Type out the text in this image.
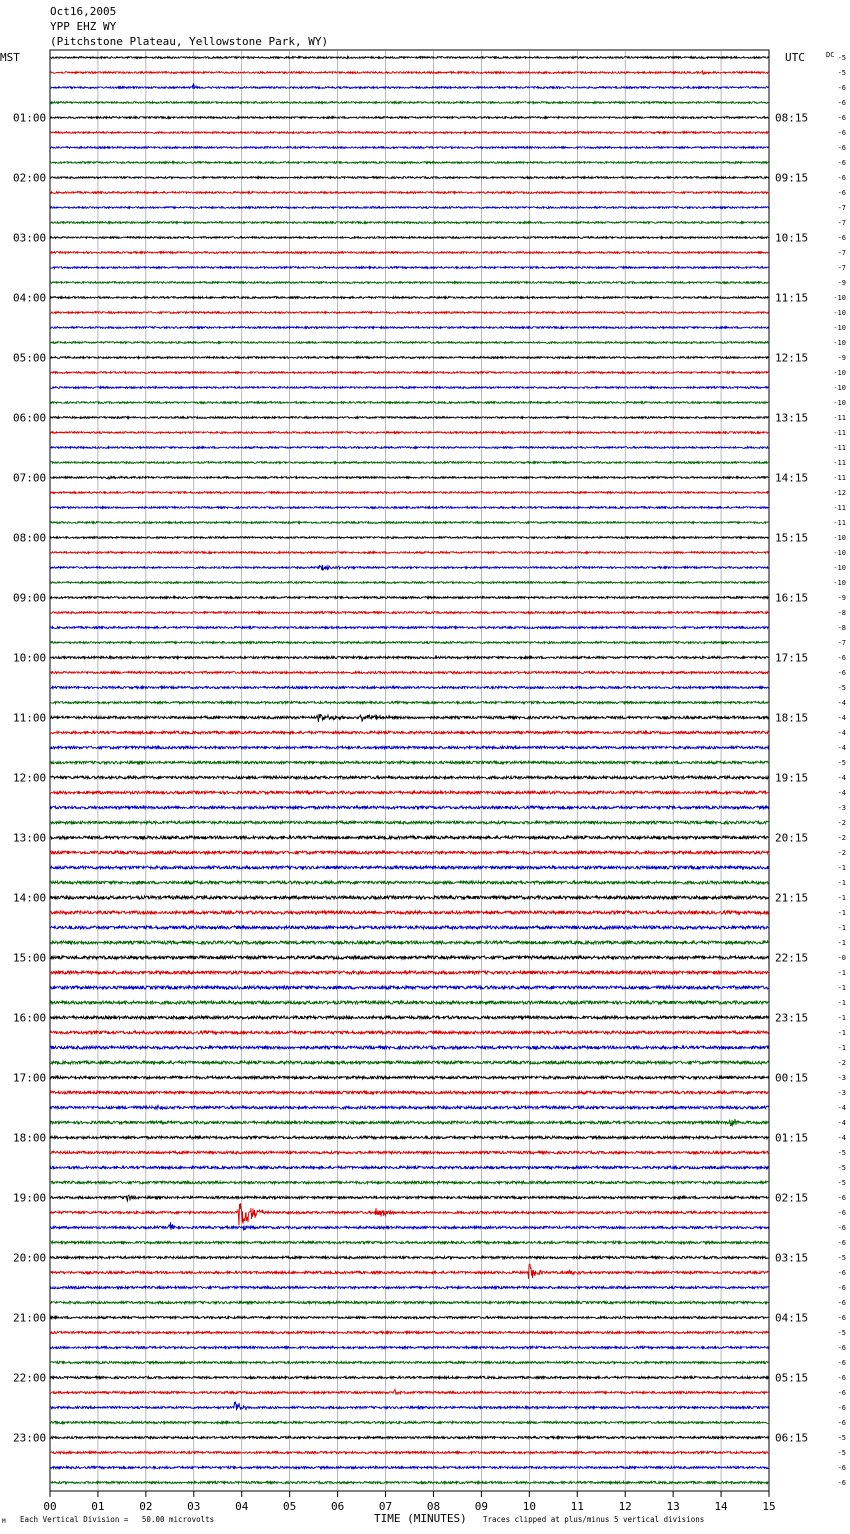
Oct16,2005
YPP EHZ WY
(Pitchstone Plateau, Yellowstone Park, WY)
MST	UTC	DC
M Each Vertical Division =   50.00 microvolts	TIME (MINUTES) Traces clipped at plus/minus 5 vertical divisions
00	01	02	03	04	05	06	07	08	09	10	11	12	13	14	15
-5
-5
-6
-6
-6
-6
-6
-6
-6
-6
-7
-7
-6
-7
-7
-9
-10
-10
-10
-10
-9
-10
-10
-10
-11
-11
-11
-11
-11
-12
-11
-11
-10
-10
-10
-10
-9
-8
-8
-7
-6
-6
-5
-4
-4
-4
-4
-5
-4
-4
-3
-2
-2
-2
-1
-1
-1
-1
-1
-1
-0
-1
-1
-1
-1
-1
-1
-2
-3
-3
-4
-4
-4
-5
-5
-5
-6
-6
-6
-6
-5
-6
-6
-6
-6
-5
-6
-6
-6
-6
-6
-6
-5
-5
-6
-6
01:00	08:15
02:00	09:15
03:00	10:15
04:00	11:15
05:00	12:15
06:00	13:15
07:00	14:15
08:00	15:15
09:00	16:15
10:00	17:15
11:00	18:15
12:00	19:15
13:00	20:15
14:00	21:15
15:00	22:15
16:00	23:15
17:00	00:15
18:00	01:15
19:00	02:15
20:00	03:15
21:00	04:15
22:00	05:15
23:00	06:15
